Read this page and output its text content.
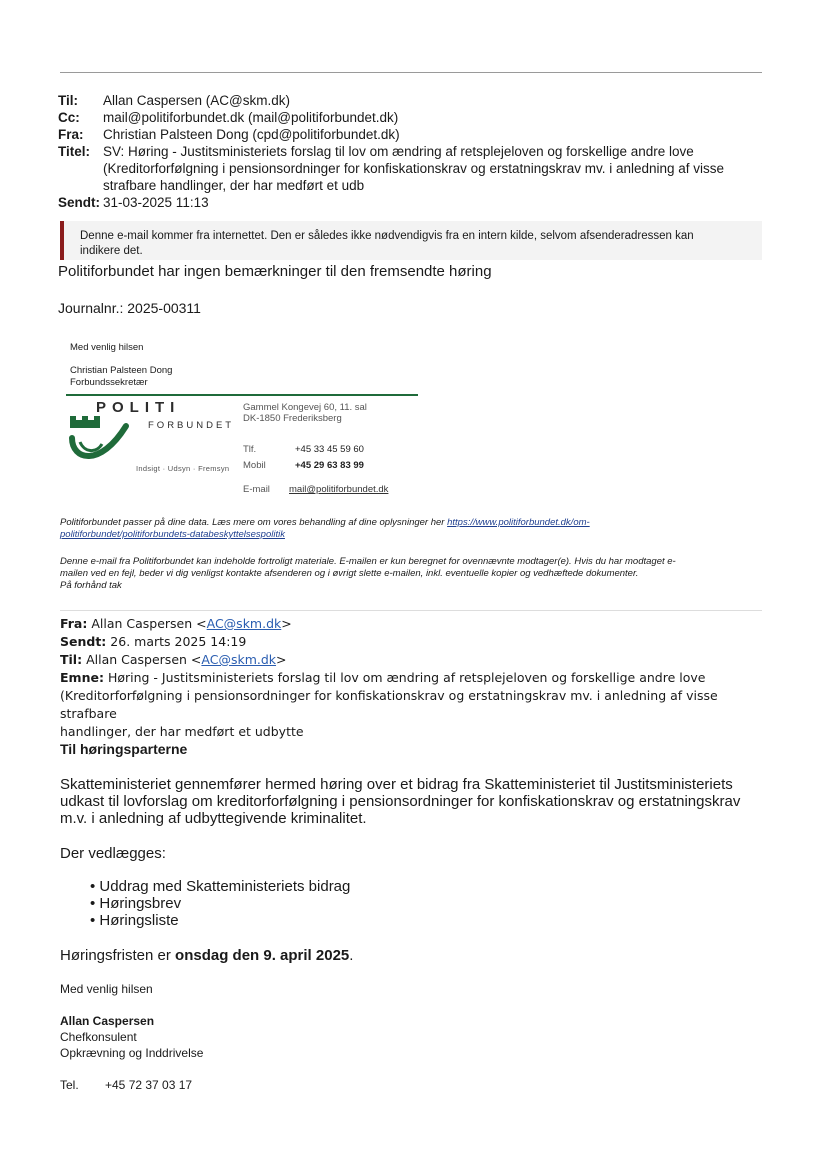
Til: Allan Caspersen (AC@skm.dk)
Cc: mail@politiforbundet.dk (mail@politiforbundet.dk)
Fra: Christian Palsteen Dong (cpd@politiforbundet.dk)
Titel: SV: Høring - Justitsministeriets forslag til lov om ændring af retsplejeloven og forskellige andre love
(Kreditorforfølgning i pensionsordninger for konfiskationskrav og erstatningskrav mv. i anledning af visse
strafbare handlinger, der har medført et udb
Sendt: 31-03-2025 11:13
Denne e-mail kommer fra internettet. Den er således ikke nødvendigvis fra en intern kilde, selvom afsenderadressen kan
indikere det.
Politiforbundet har ingen bemærkninger til den fremsendte høring
Journalnr.: 2025-00311
Med venlig hilsen
Christian Palsteen Dong
Forbundssekretær
POLITI
FORBUNDET
Indsigt · Udsyn · Fremsyn
Gammel Kongevej 60, 11. sal
DK-1850 Frederiksberg
Tlf.	+45 33 45 59 60
Mobil	+45 29 63 83 99
E-mail mail@politiforbundet.dk
Politiforbundet passer på dine data. Læs mere om vores behandling af dine oplysninger her https://www.politiforbundet.dk/om-
politiforbundet/politiforbundets-databeskyttelsespolitik
Denne e-mail fra Politiforbundet kan indeholde fortroligt materiale. E-mailen er kun beregnet for ovennævnte modtager(e). Hvis du har modtaget e-
mailen ved en fejl, beder vi dig venligst kontakte afsenderen og i øvrigt slette e-mailen, inkl. eventuelle kopier og vedhæftede dokumenter.
På forhånd tak
Fra: Allan Caspersen <AC@skm.dk>
Sendt: 26. marts 2025 14:19
Til: Allan Caspersen <AC@skm.dk>
Emne: Høring - Justitsministeriets forslag til lov om ændring af retsplejeloven og forskellige andre love
(Kreditorforfølgning i pensionsordninger for konfiskationskrav og erstatningskrav mv. i anledning af visse strafbare
handlinger, der har medført et udbytte
Til høringsparterne
Skatteministeriet gennemfører hermed høring over et bidrag fra Skatteministeriet til Justitsministeriets
udkast til lovforslag om kreditorforfølgning i pensionsordninger for konfiskationskrav og erstatningskrav
m.v. i anledning af udbyttegivende kriminalitet.
Der vedlægges:
• Uddrag med Skatteministeriets bidrag
• Høringsbrev
• Høringsliste
Høringsfristen er onsdag den 9. april 2025.
Med venlig hilsen
Allan Caspersen
Chefkonsulent
Opkrævning og Inddrivelse
Tel. +45 72 37 03 17
